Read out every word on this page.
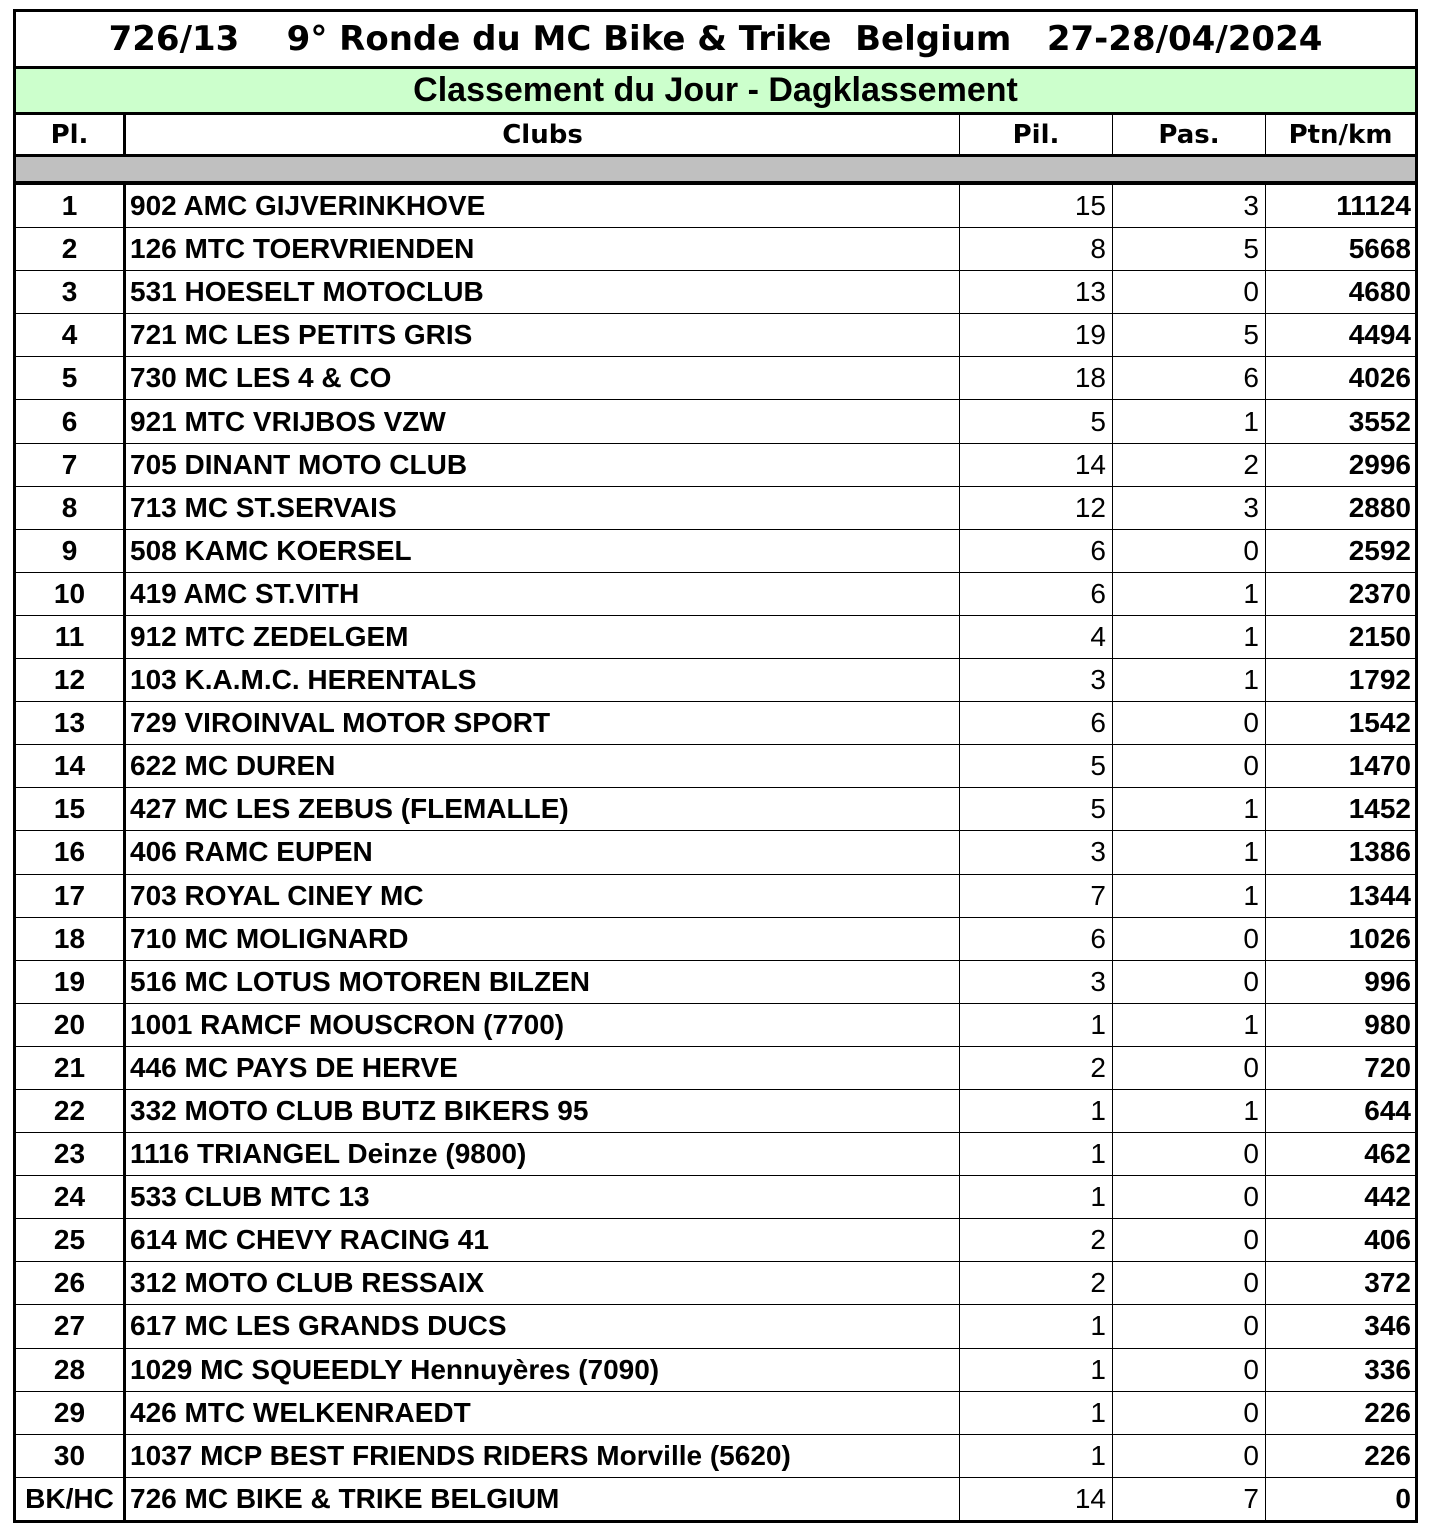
726/13    9° Ronde du MC Bike & Trike  Belgium   27-28/04/2024
Classement du Jour - Dagklassement
Pl.	Clubs	Pil.	Pas.	Ptn/km
1	902 AMC GIJVERINKHOVE	15	3	11124
2	126 MTC TOERVRIENDEN	8	5	5668
3	531 HOESELT MOTOCLUB	13	0	4680
4	721 MC LES PETITS GRIS	19	5	4494
5	730 MC LES 4 & CO	18	6	4026
6	921 MTC VRIJBOS VZW	5	1	3552
7	705 DINANT MOTO CLUB	14	2	2996
8	713 MC ST.SERVAIS	12	3	2880
9	508 KAMC KOERSEL	6	0	2592
10	419 AMC ST.VITH	6	1	2370
11	912 MTC ZEDELGEM	4	1	2150
12	103 K.A.M.C. HERENTALS	3	1	1792
13	729 VIROINVAL MOTOR SPORT	6	0	1542
14	622 MC DUREN	5	0	1470
15	427 MC LES ZEBUS (FLEMALLE)	5	1	1452
16	406 RAMC EUPEN	3	1	1386
17	703 ROYAL CINEY MC	7	1	1344
18	710 MC MOLIGNARD	6	0	1026
19	516 MC LOTUS MOTOREN BILZEN	3	0	996
20	1001 RAMCF MOUSCRON (7700)	1	1	980
21	446 MC PAYS DE HERVE	2	0	720
22	332 MOTO CLUB BUTZ BIKERS 95	1	1	644
23	1116 TRIANGEL Deinze (9800)	1	0	462
24	533 CLUB MTC 13	1	0	442
25	614 MC CHEVY RACING 41	2	0	406
26	312 MOTO CLUB RESSAIX	2	0	372
27	617 MC LES GRANDS DUCS	1	0	346
28	1029 MC SQUEEDLY Hennuyères (7090)	1	0	336
29	426 MTC WELKENRAEDT	1	0	226
30	1037 MCP BEST FRIENDS RIDERS Morville (5620)	1	0	226
BK/HC 726 MC BIKE & TRIKE BELGIUM	14	7	0
